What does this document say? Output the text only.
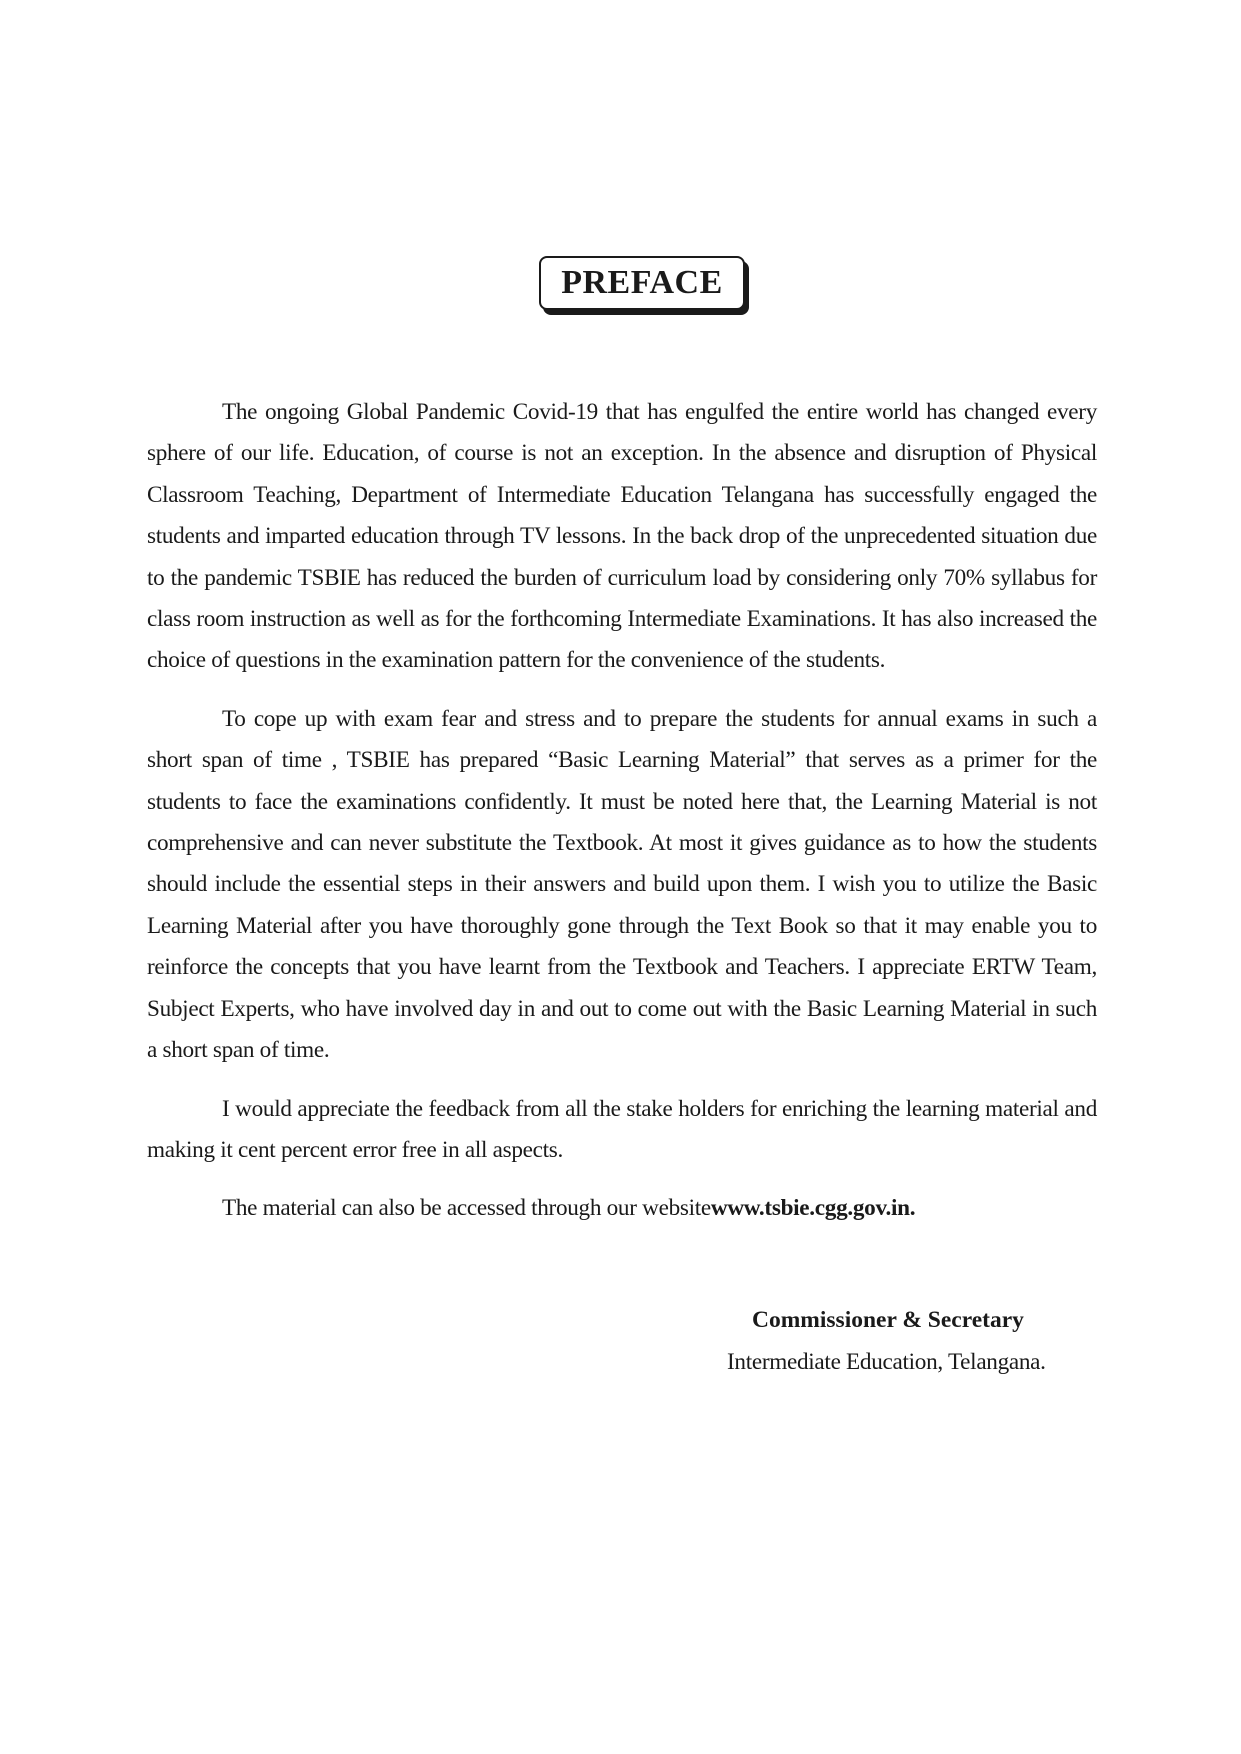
PREFACE

The ongoing Global Pandemic Covid-19 that has engulfed the entire world has changed every sphere of our life. Education, of course is not an exception. In the absence and disruption of Physical Classroom Teaching, Department of Intermediate Education Telangana has successfully engaged the students and imparted education through TV lessons. In the back drop of the unprecedented situation due to the pandemic TSBIE has reduced the burden of curriculum load by considering only 70% syllabus for class room instruction as well as for the forthcoming Intermediate Examinations. It has also increased the choice of questions in the examination pattern for the convenience of the students.

To cope up with exam fear and stress and to prepare the students for annual exams in such a short span of time , TSBIE has prepared “Basic Learning Material” that serves as a primer for the students to face the examinations confidently. It must be noted here that, the Learning Material is not comprehensive and can never substitute the Textbook. At most it gives guidance as to how the students should include the essential steps in their answers and build upon them. I wish you to utilize the Basic Learning Material after you have thoroughly gone through the Text Book so that it may enable you to reinforce the concepts that you have learnt from the Textbook and Teachers. I appreciate ERTW Team, Subject Experts, who have involved day in and out to come out with the Basic Learning Material in such a short span of time.

I would appreciate the feedback from all the stake holders for enriching the learning material and making it cent percent error free in all aspects.

The material can also be accessed through our websitewww.tsbie.cgg.gov.in.

Commissioner & Secretary
Intermediate Education, Telangana.
